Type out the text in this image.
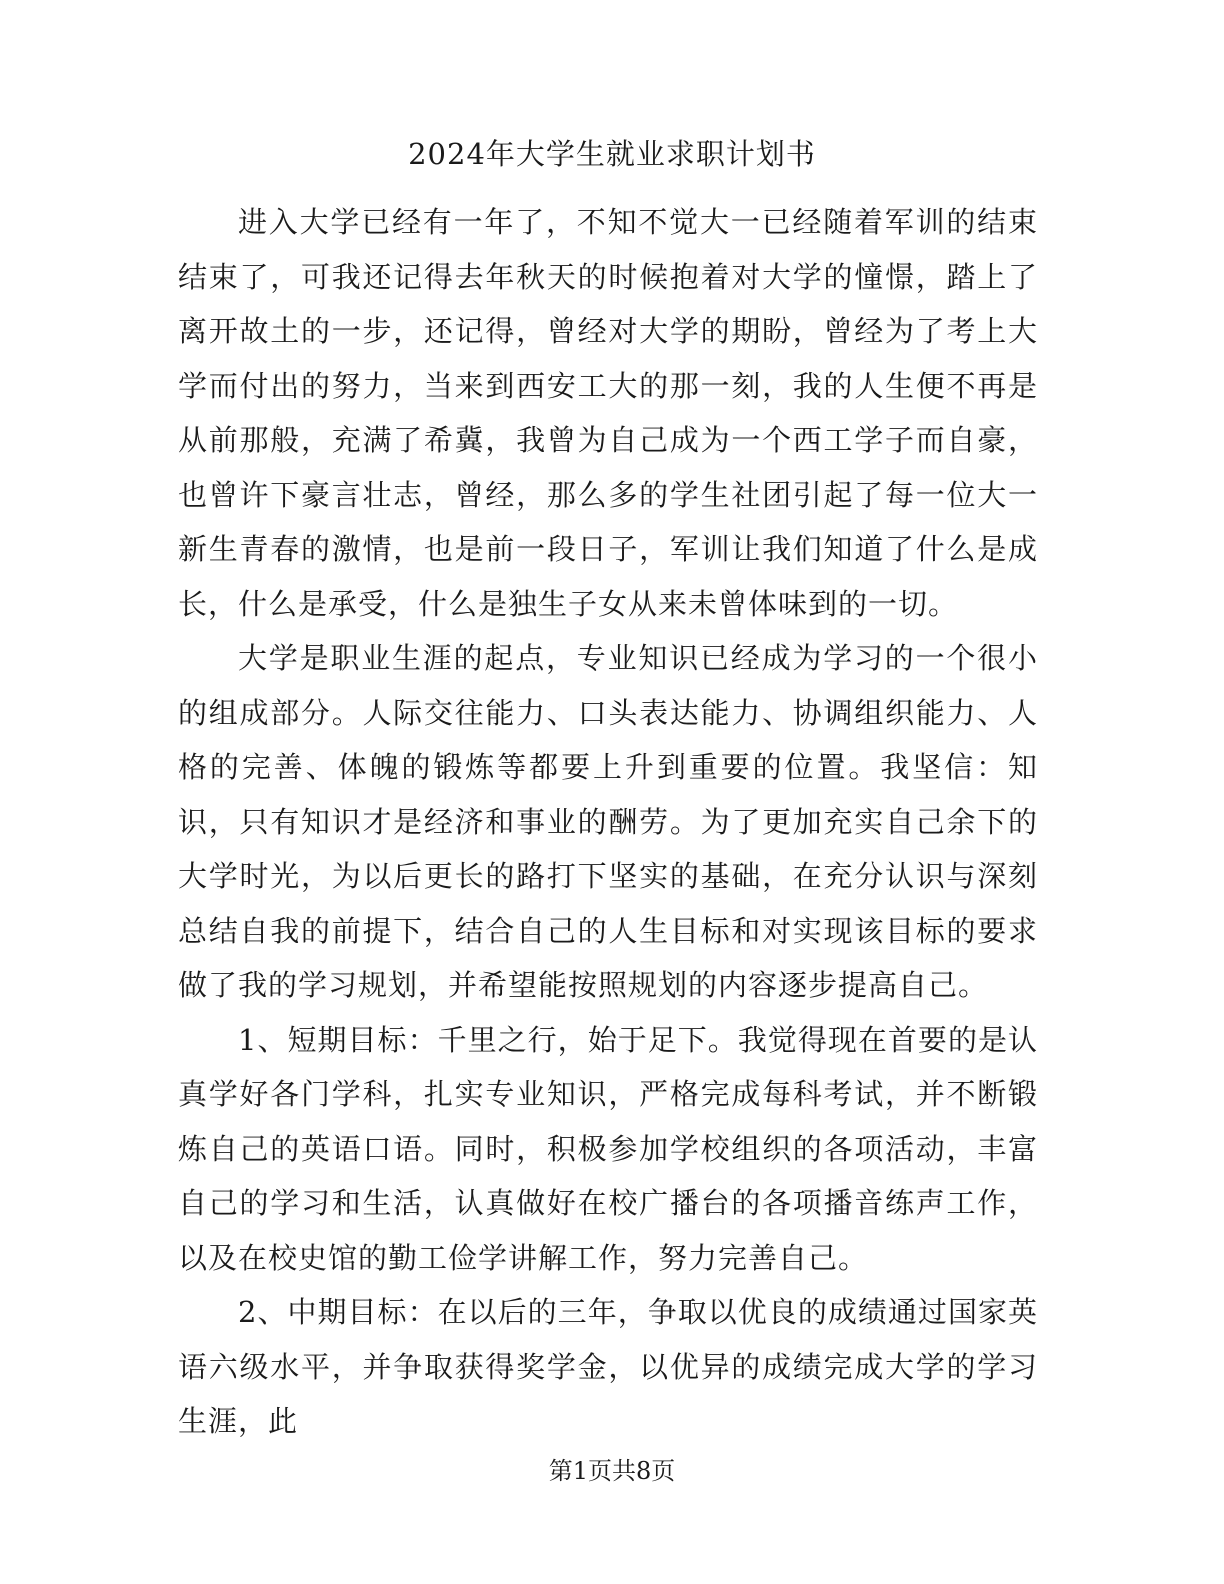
2024年大学生就业求职计划书

进入大学已经有一年了，不知不觉大一已经随着军训的结束结束了，可我还记得去年秋天的时候抱着对大学的憧憬，踏上了离开故土的一步，还记得，曾经对大学的期盼，曾经为了考上大学而付出的努力，当来到西安工大的那一刻，我的人生便不再是从前那般，充满了希冀，我曾为自己成为一个西工学子而自豪，也曾许下豪言壮志，曾经，那么多的学生社团引起了每一位大一新生青春的激情，也是前一段日子，军训让我们知道了什么是成长，什么是承受，什么是独生子女从来未曾体味到的一切。

大学是职业生涯的起点，专业知识已经成为学习的一个很小的组成部分。人际交往能力、口头表达能力、协调组织能力、人格的完善、体魄的锻炼等都要上升到重要的位置。我坚信：知识，只有知识才是经济和事业的酬劳。为了更加充实自己余下的大学时光，为以后更长的路打下坚实的基础，在充分认识与深刻总结自我的前提下，结合自己的人生目标和对实现该目标的要求做了我的学习规划，并希望能按照规划的内容逐步提高自己。

1、短期目标：千里之行，始于足下。我觉得现在首要的是认真学好各门学科，扎实专业知识，严格完成每科考试，并不断锻炼自己的英语口语。同时，积极参加学校组织的各项活动，丰富自己的学习和生活，认真做好在校广播台的各项播音练声工作，以及在校史馆的勤工俭学讲解工作，努力完善自己。

2、中期目标：在以后的三年，争取以优良的成绩通过国家英语六级水平，并争取获得奖学金，以优异的成绩完成大学的学习生涯，此

第1页共8页
